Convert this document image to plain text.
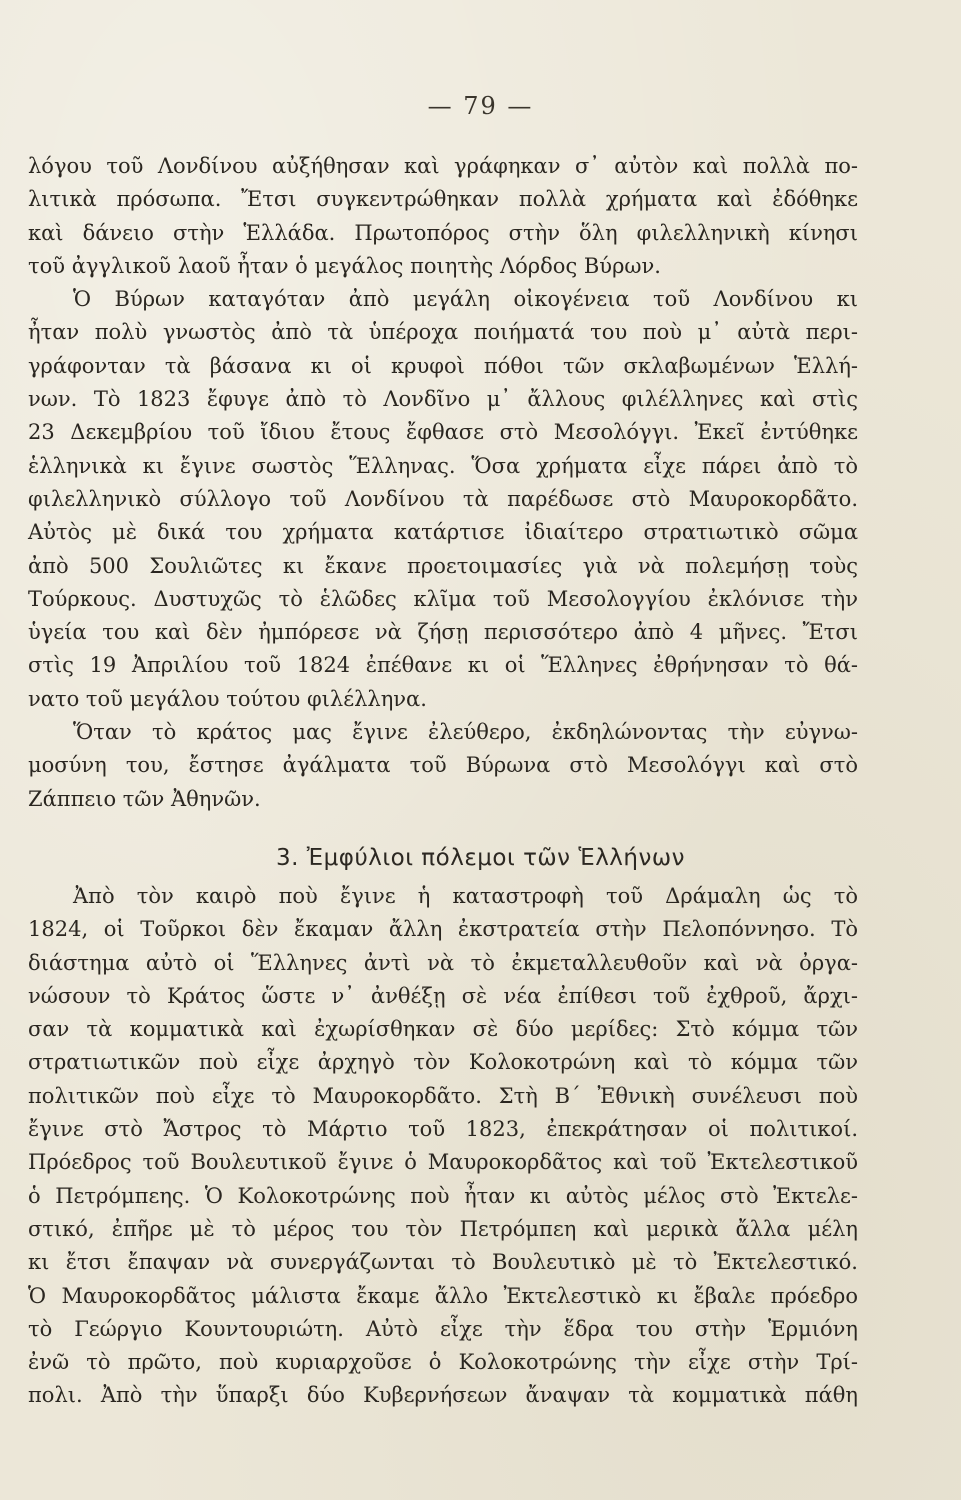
— 79 —
λόγου τοῦ Λονδίνου αὐξήθησαν καὶ γράφηκαν σ᾽ αὐτὸν καὶ πολλὰ πο-
λιτικὰ πρόσωπα. Ἔτσι συγκεντρώθηκαν πολλὰ χρήματα καὶ ἐδόθηκε
καὶ δάνειο στὴν Ἑλλάδα. Πρωτοπόρος στὴν ὅλη φιλελληνικὴ κίνησι
τοῦ ἀγγλικοῦ λαοῦ ἦταν ὁ μεγάλος ποιητὴς Λόρδος Βύρων.
Ὁ Βύρων καταγόταν ἀπὸ μεγάλη οἰκογένεια τοῦ Λονδίνου κι
ἦταν πολὺ γνωστὸς ἀπὸ τὰ ὑπέροχα ποιήματά του ποὺ μ᾽ αὐτὰ περι-
γράφονταν τὰ βάσανα κι οἱ κρυφοὶ πόθοι τῶν σκλαβωμένων Ἑλλή-
νων. Τὸ 1823 ἔφυγε ἀπὸ τὸ Λονδῖνο μ᾽ ἄλλους φιλέλληνες καὶ στὶς
23 Δεκεμβρίου τοῦ ἴδιου ἔτους ἔφθασε στὸ Μεσολόγγι. Ἐκεῖ ἐντύθηκε
ἑλληνικὰ κι ἔγινε σωστὸς Ἕλληνας. Ὅσα χρήματα εἶχε πάρει ἀπὸ τὸ
φιλελληνικὸ σύλλογο τοῦ Λονδίνου τὰ παρέδωσε στὸ Μαυροκορδᾶτο.
Αὐτὸς μὲ δικά του χρήματα κατάρτισε ἰδιαίτερο στρατιωτικὸ σῶμα
ἀπὸ 500 Σουλιῶτες κι ἔκανε προετοιμασίες γιὰ νὰ πολεμήσῃ τοὺς
Τούρκους. Δυστυχῶς τὸ ἑλῶδες κλῖμα τοῦ Μεσολογγίου ἐκλόνισε τὴν
ὑγεία του καὶ δὲν ἠμπόρεσε νὰ ζήσῃ περισσότερο ἀπὸ 4 μῆνες. Ἔτσι
στὶς 19 Ἀπριλίου τοῦ 1824 ἐπέθανε κι οἱ Ἕλληνες ἐθρήνησαν τὸ θά-
νατο τοῦ μεγάλου τούτου φιλέλληνα.
Ὅταν τὸ κράτος μας ἔγινε ἐλεύθερο, ἐκδηλώνοντας τὴν εὐγνω-
μοσύνη του, ἔστησε ἀγάλματα τοῦ Βύρωνα στὸ Μεσολόγγι καὶ στὸ
Ζάππειο τῶν Ἀθηνῶν.
3. Ἐμφύλιοι πόλεμοι τῶν Ἑλλήνων
Ἀπὸ τὸν καιρὸ ποὺ ἔγινε ἡ καταστροφὴ τοῦ Δράμαλη ὡς τὸ
1824, οἱ Τοῦρκοι δὲν ἔκαμαν ἄλλη ἐκστρατεία στὴν Πελοπόννησο. Τὸ
διάστημα αὐτὸ οἱ Ἕλληνες ἀντὶ νὰ τὸ ἐκμεταλλευθοῦν καὶ νὰ ὀργα-
νώσουν τὸ Κράτος ὥστε ν᾽ ἀνθέξῃ σὲ νέα ἐπίθεσι τοῦ ἐχθροῦ, ἄρχι-
σαν τὰ κομματικὰ καὶ ἐχωρίσθηκαν σὲ δύο μερίδες: Στὸ κόμμα τῶν
στρατιωτικῶν ποὺ εἶχε ἀρχηγὸ τὸν Κολοκοτρώνη καὶ τὸ κόμμα τῶν
πολιτικῶν ποὺ εἶχε τὸ Μαυροκορδᾶτο. Στὴ Β´ Ἐθνικὴ συνέλευσι ποὺ
ἔγινε στὸ Ἄστρος τὸ Μάρτιο τοῦ 1823, ἐπεκράτησαν οἱ πολιτικοί.
Πρόεδρος τοῦ Βουλευτικοῦ ἔγινε ὁ Μαυροκορδᾶτος καὶ τοῦ Ἐκτελεστικοῦ
ὁ Πετρόμπεης. Ὁ Κολοκοτρώνης ποὺ ἦταν κι αὐτὸς μέλος στὸ Ἐκτελε-
στικό, ἐπῆρε μὲ τὸ μέρος του τὸν Πετρόμπεη καὶ μερικὰ ἄλλα μέλη
κι ἔτσι ἔπαψαν νὰ συνεργάζωνται τὸ Βουλευτικὸ μὲ τὸ Ἐκτελεστικό.
Ὁ Μαυροκορδᾶτος μάλιστα ἔκαμε ἄλλο Ἐκτελεστικὸ κι ἔβαλε πρόεδρο
τὸ Γεώργιο Κουντουριώτη. Αὐτὸ εἶχε τὴν ἕδρα του στὴν Ἑρμιόνη
ἐνῶ τὸ πρῶτο, ποὺ κυριαρχοῦσε ὁ Κολοκοτρώνης τὴν εἶχε στὴν Τρί-
πολι. Ἀπὸ τὴν ὕπαρξι δύο Κυβερνήσεων ἄναψαν τὰ κομματικὰ πάθη
